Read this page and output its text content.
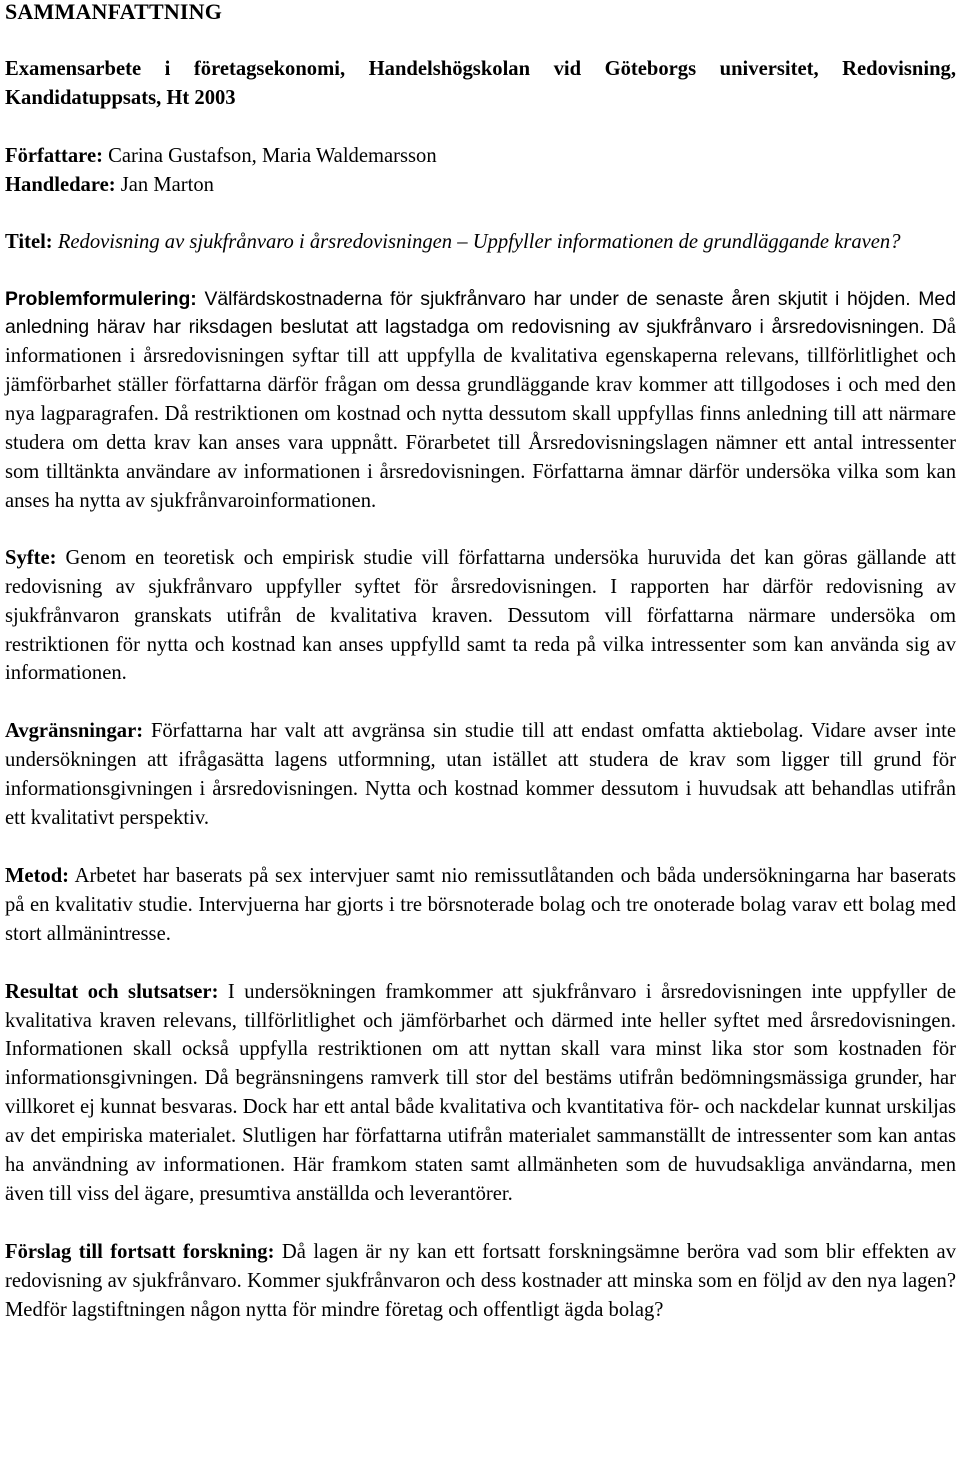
SAMMANFATTNING

Examensarbete i företagsekonomi, Handelshögskolan vid Göteborgs universitet, Redovisning, Kandidatuppsats, Ht 2003

Författare: Carina Gustafson, Maria Waldemarsson
Handledare: Jan Marton

Titel: Redovisning av sjukfrånvaro i årsredovisningen – Uppfyller informationen de grundläggande kraven?

Problemformulering: Välfärdskostnaderna för sjukfrånvaro har under de senaste åren skjutit i höjden. Med anledning härav har riksdagen beslutat att lagstadga om redovisning av sjukfrånvaro i årsredovisningen. Då informationen i årsredovisningen syftar till att uppfylla de kvalitativa egenskaperna relevans, tillförlitlighet och jämförbarhet ställer författarna därför frågan om dessa grundläggande krav kommer att tillgodoses i och med den nya lagparagrafen. Då restriktionen om kostnad och nytta dessutom skall uppfyllas finns anledning till att närmare studera om detta krav kan anses vara uppnått. Förarbetet till Årsredovisningslagen nämner ett antal intressenter som tilltänkta användare av informationen i årsredovisningen. Författarna ämnar därför undersöka vilka som kan anses ha nytta av sjukfrånvaroinformationen.

Syfte: Genom en teoretisk och empirisk studie vill författarna undersöka huruvida det kan göras gällande att redovisning av sjukfrånvaro uppfyller syftet för årsredovisningen. I rapporten har därför redovisning av sjukfrånvaron granskats utifrån de kvalitativa kraven. Dessutom vill författarna närmare undersöka om restriktionen för nytta och kostnad kan anses uppfylld samt ta reda på vilka intressenter som kan använda sig av informationen.

Avgränsningar: Författarna har valt att avgränsa sin studie till att endast omfatta aktiebolag. Vidare avser inte undersökningen att ifrågasätta lagens utformning, utan istället att studera de krav som ligger till grund för informationsgivningen i årsredovisningen. Nytta och kostnad kommer dessutom i huvudsak att behandlas utifrån ett kvalitativt perspektiv.

Metod: Arbetet har baserats på sex intervjuer samt nio remissutlåtanden och båda undersökningarna har baserats på en kvalitativ studie. Intervjuerna har gjorts i tre börsnoterade bolag och tre onoterade bolag varav ett bolag med stort allmänintresse.

Resultat och slutsatser: I undersökningen framkommer att sjukfrånvaro i årsredovisningen inte uppfyller de kvalitativa kraven relevans, tillförlitlighet och jämförbarhet och därmed inte heller syftet med årsredovisningen. Informationen skall också uppfylla restriktionen om att nyttan skall vara minst lika stor som kostnaden för informationsgivningen. Då begränsningens ramverk till stor del bestäms utifrån bedömningsmässiga grunder, har villkoret ej kunnat besvaras. Dock har ett antal både kvalitativa och kvantitativa för- och nackdelar kunnat urskiljas av det empiriska materialet. Slutligen har författarna utifrån materialet sammanställt de intressenter som kan antas ha användning av informationen. Här framkom staten samt allmänheten som de huvudsakliga användarna, men även till viss del ägare, presumtiva anställda och leverantörer.

Förslag till fortsatt forskning: Då lagen är ny kan ett fortsatt forskningsämne beröra vad som blir effekten av redovisning av sjukfrånvaro. Kommer sjukfrånvaron och dess kostnader att minska som en följd av den nya lagen? Medför lagstiftningen någon nytta för mindre företag och offentligt ägda bolag?
